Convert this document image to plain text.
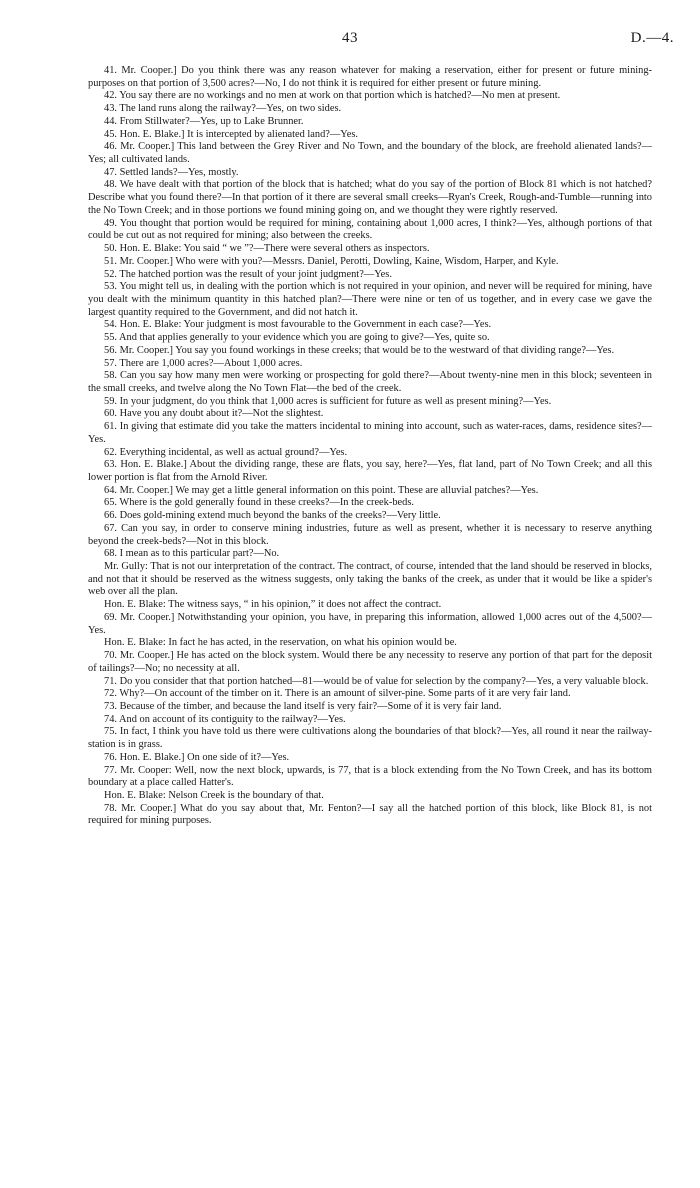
43	D.—4.

41. Mr. Cooper.] Do you think there was any reason whatever for making a reservation, either for present or future mining-purposes on that portion of 3,500 acres?—No, I do not think it is required for either present or future mining.

42. You say there are no workings and no men at work on that portion which is hatched?—No men at present.

43. The land runs along the railway?—Yes, on two sides.

44. From Stillwater?—Yes, up to Lake Brunner.

45. Hon. E. Blake.] It is intercepted by alienated land?—Yes.

46. Mr. Cooper.] This land between the Grey River and No Town, and the boundary of the block, are freehold alienated lands?—Yes; all cultivated lands.

47. Settled lands?—Yes, mostly.

48. We have dealt with that portion of the block that is hatched; what do you say of the portion of Block 81 which is not hatched? Describe what you found there?—In that portion of it there are several small creeks—Ryan's Creek, Rough-and-Tumble—running into the No Town Creek; and in those portions we found mining going on, and we thought they were rightly reserved.

49. You thought that portion would be required for mining, containing about 1,000 acres, I think?—Yes, although portions of that could be cut out as not required for mining; also between the creeks.

50. Hon. E. Blake: You said “ we ”?—There were several others as inspectors.

51. Mr. Cooper.] Who were with you?—Messrs. Daniel, Perotti, Dowling, Kaine, Wisdom, Harper, and Kyle.

52. The hatched portion was the result of your joint judgment?—Yes.

53. You might tell us, in dealing with the portion which is not required in your opinion, and never will be required for mining, have you dealt with the minimum quantity in this hatched plan?—There were nine or ten of us together, and in every case we gave the largest quantity required to the Government, and did not hatch it.

54. Hon. E. Blake: Your judgment is most favourable to the Government in each case?—Yes.

55. And that applies generally to your evidence which you are going to give?—Yes, quite so.

56. Mr. Cooper.] You say you found workings in these creeks; that would be to the westward of that dividing range?—Yes.

57. There are 1,000 acres?—About 1,000 acres.

58. Can you say how many men were working or prospecting for gold there?—About twenty-nine men in this block; seventeen in the small creeks, and twelve along the No Town Flat—the bed of the creek.

59. In your judgment, do you think that 1,000 acres is sufficient for future as well as present mining?—Yes.

60. Have you any doubt about it?—Not the slightest.

61. In giving that estimate did you take the matters incidental to mining into account, such as water-races, dams, residence sites?—Yes.

62. Everything incidental, as well as actual ground?—Yes.

63. Hon. E. Blake.] About the dividing range, these are flats, you say, here?—Yes, flat land, part of No Town Creek; and all this lower portion is flat from the Arnold River.

64. Mr. Cooper.] We may get a little general information on this point. These are alluvial patches?—Yes.

65. Where is the gold generally found in these creeks?—In the creek-beds.

66. Does gold-mining extend much beyond the banks of the creeks?—Very little.

67. Can you say, in order to conserve mining industries, future as well as present, whether it is necessary to reserve anything beyond the creek-beds?—Not in this block.

68. I mean as to this particular part?—No.

Mr. Gully: That is not our interpretation of the contract. The contract, of course, intended that the land should be reserved in blocks, and not that it should be reserved as the witness suggests, only taking the banks of the creek, as under that it would be like a spider's web over all the plan.

Hon. E. Blake: The witness says, “ in his opinion,” it does not affect the contract.

69. Mr. Cooper.] Notwithstanding your opinion, you have, in preparing this information, allowed 1,000 acres out of the 4,500?—Yes.

Hon. E. Blake: In fact he has acted, in the reservation, on what his opinion would be.

70. Mr. Cooper.] He has acted on the block system. Would there be any necessity to reserve any portion of that part for the deposit of tailings?—No; no necessity at all.

71. Do you consider that that portion hatched—81—would be of value for selection by the company?—Yes, a very valuable block.

72. Why?—On account of the timber on it. There is an amount of silver-pine. Some parts of it are very fair land.

73. Because of the timber, and because the land itself is very fair?—Some of it is very fair land.

74. And on account of its contiguity to the railway?—Yes.

75. In fact, I think you have told us there were cultivations along the boundaries of that block?—Yes, all round it near the railway-station is in grass.

76. Hon. E. Blake.] On one side of it?—Yes.

77. Mr. Cooper: Well, now the next block, upwards, is 77, that is a block extending from the No Town Creek, and has its bottom boundary at a place called Hatter's.

Hon. E. Blake: Nelson Creek is the boundary of that.

78. Mr. Cooper.] What do you say about that, Mr. Fenton?—I say all the hatched portion of this block, like Block 81, is not required for mining purposes.
